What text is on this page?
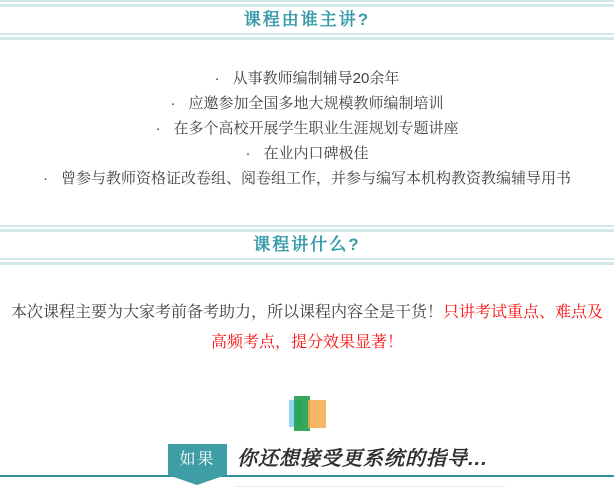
课程由谁主讲?
· 从事教师编制辅导20余年
· 应邀参加全国多地大规模教师编制培训
· 在多个高校开展学生职业生涯规划专题讲座
· 在业内口碑极佳
· 曾参与教师资格证改卷组、阅卷组工作，并参与编写本机构教资教编辅导用书
课程讲什么?

本次课程主要为大家考前备考助力，所以课程内容全是干货！只讲考试重点、难点及高频考点，提分效果显著！

如果	你还想接受更系统的指导...
